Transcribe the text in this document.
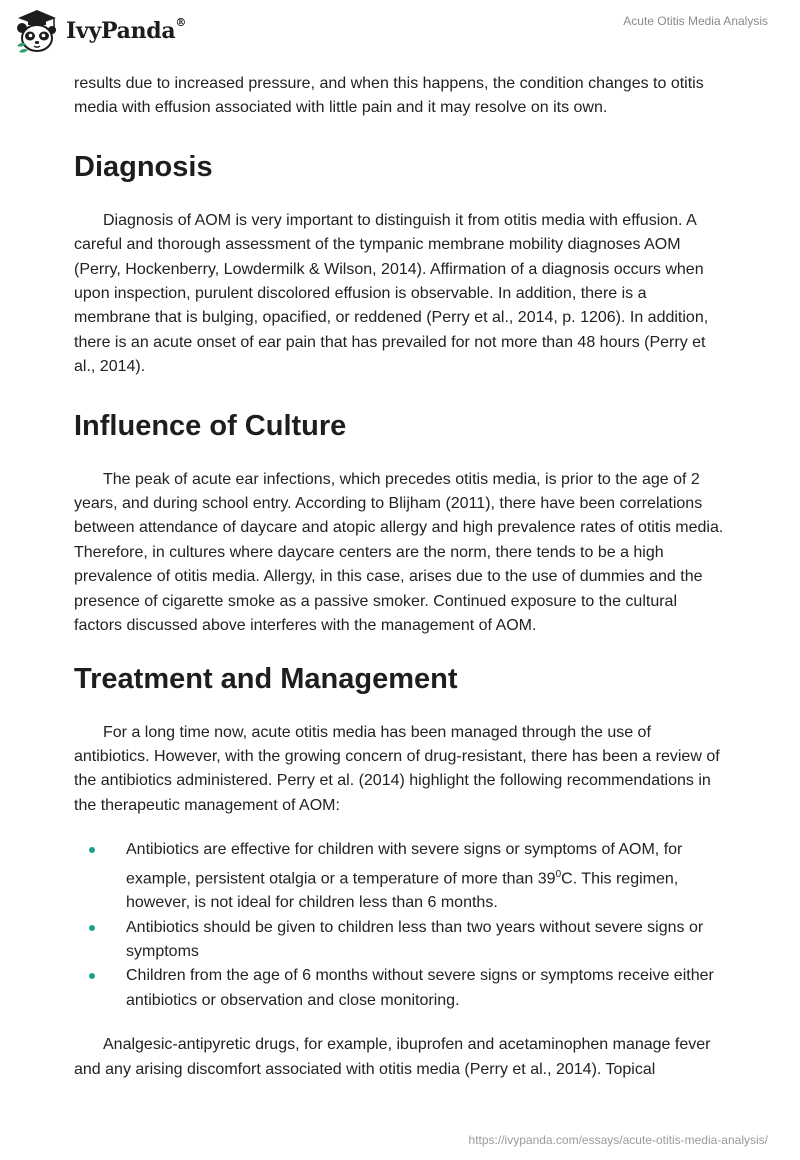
IvyPanda®	Acute Otitis Media Analysis

results due to increased pressure, and when this happens, the condition changes to otitis media with effusion associated with little pain and it may resolve on its own.

Diagnosis

Diagnosis of AOM is very important to distinguish it from otitis media with effusion. A careful and thorough assessment of the tympanic membrane mobility diagnoses AOM (Perry, Hockenberry, Lowdermilk & Wilson, 2014). Affirmation of a diagnosis occurs when upon inspection, purulent discolored effusion is observable. In addition, there is a membrane that is bulging, opacified, or reddened (Perry et al., 2014, p. 1206). In addition, there is an acute onset of ear pain that has prevailed for not more than 48 hours (Perry et al., 2014).

Influence of Culture

The peak of acute ear infections, which precedes otitis media, is prior to the age of 2 years, and during school entry. According to Blijham (2011), there have been correlations between attendance of daycare and atopic allergy and high prevalence rates of otitis media. Therefore, in cultures where daycare centers are the norm, there tends to be a high prevalence of otitis media. Allergy, in this case, arises due to the use of dummies and the presence of cigarette smoke as a passive smoker. Continued exposure to the cultural factors discussed above interferes with the management of AOM.

Treatment and Management

For a long time now, acute otitis media has been managed through the use of antibiotics. However, with the growing concern of drug-resistant, there has been a review of the antibiotics administered. Perry et al. (2014) highlight the following recommendations in the therapeutic management of AOM:

Antibiotics are effective for children with severe signs or symptoms of AOM, for example, persistent otalgia or a temperature of more than $39^0C$. This regimen, however, is not ideal for children less than 6 months.
Antibiotics should be given to children less than two years without severe signs or symptoms
Children from the age of 6 months without severe signs or symptoms receive either antibiotics or observation and close monitoring.

Analgesic-antipyretic drugs, for example, ibuprofen and acetaminophen manage fever and any arising discomfort associated with otitis media (Perry et al., 2014). Topical

https://ivypanda.com/essays/acute-otitis-media-analysis/
